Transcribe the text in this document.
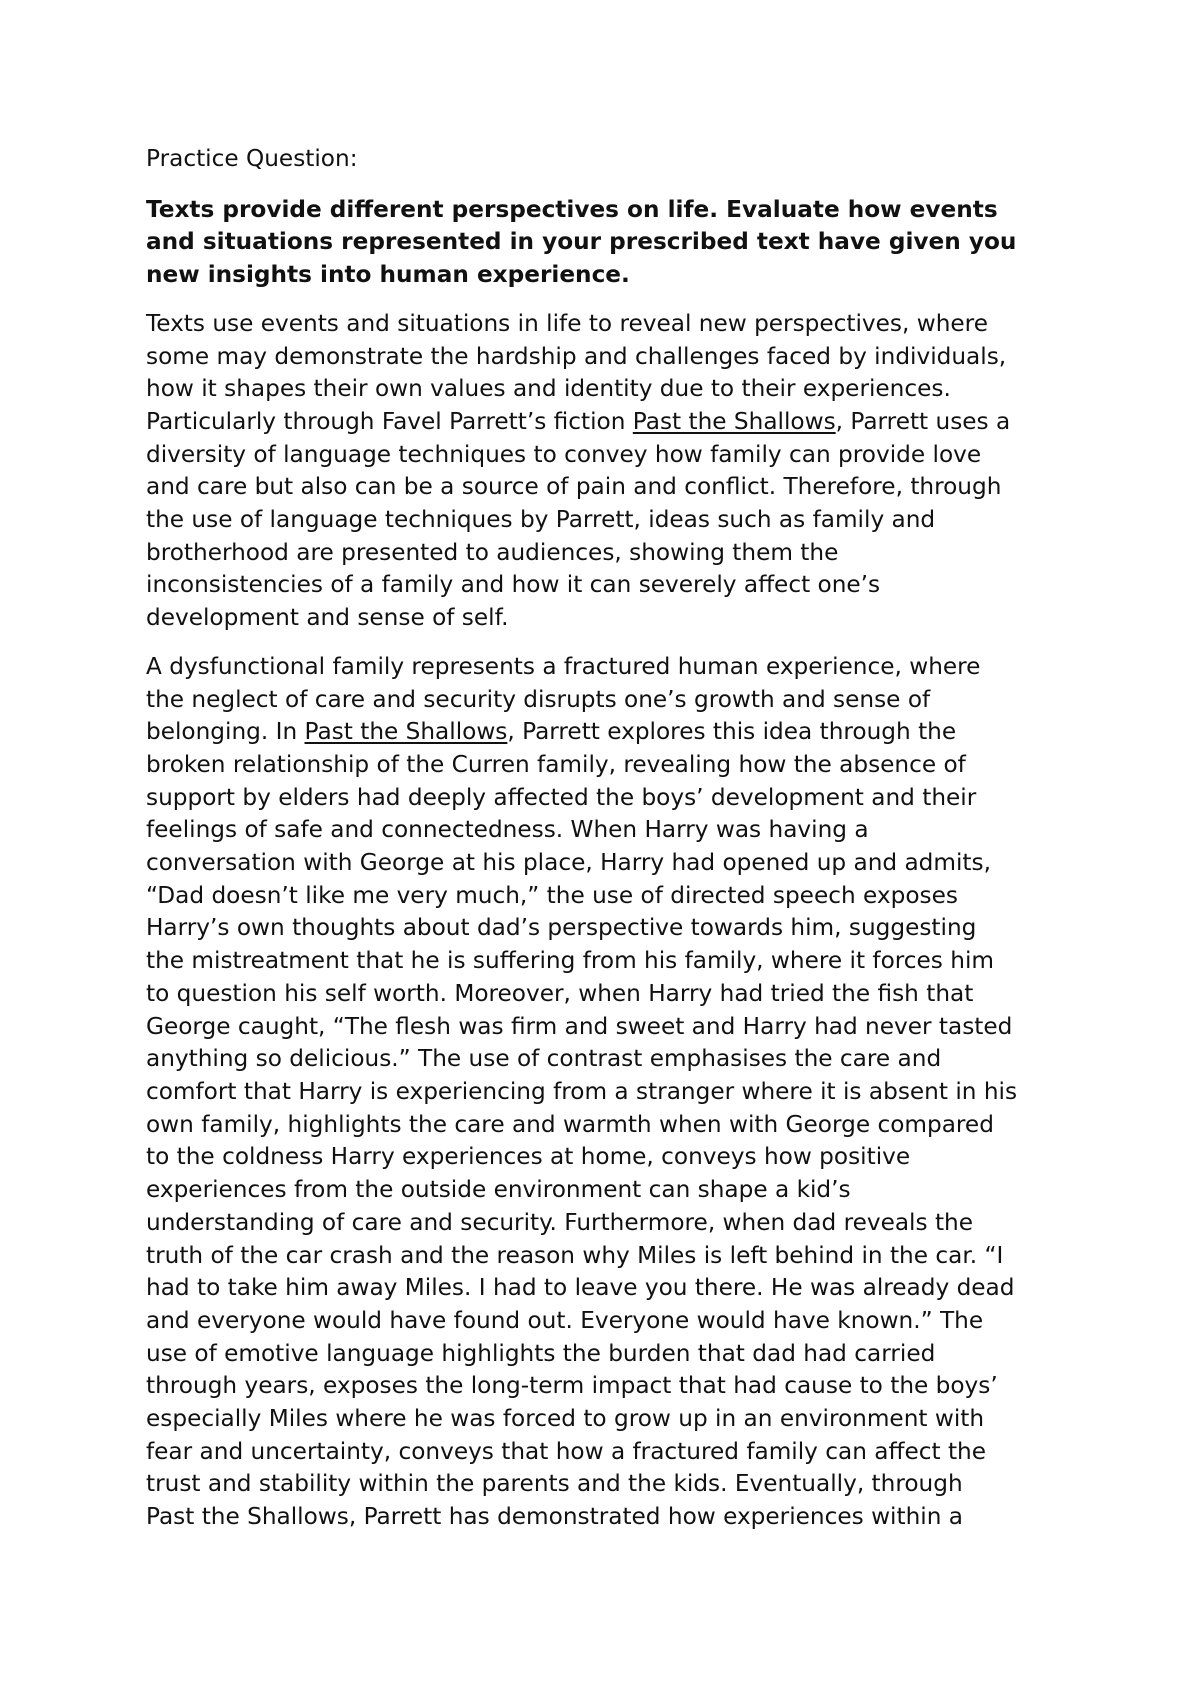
Practice Question:

Texts provide different perspectives on life. Evaluate how events
and situations represented in your prescribed text have given you
new insights into human experience.

Texts use events and situations in life to reveal new perspectives, where
some may demonstrate the hardship and challenges faced by individuals,
how it shapes their own values and identity due to their experiences.
Particularly through Favel Parrett’s fiction Past the Shallows, Parrett uses a
diversity of language techniques to convey how family can provide love
and care but also can be a source of pain and conflict. Therefore, through
the use of language techniques by Parrett, ideas such as family and
brotherhood are presented to audiences, showing them the
inconsistencies of a family and how it can severely affect one’s
development and sense of self.

A dysfunctional family represents a fractured human experience, where
the neglect of care and security disrupts one’s growth and sense of
belonging. In Past the Shallows, Parrett explores this idea through the
broken relationship of the Curren family, revealing how the absence of
support by elders had deeply affected the boys’ development and their
feelings of safe and connectedness. When Harry was having a
conversation with George at his place, Harry had opened up and admits,
“Dad doesn’t like me very much,” the use of directed speech exposes
Harry’s own thoughts about dad’s perspective towards him, suggesting
the mistreatment that he is suffering from his family, where it forces him
to question his self worth. Moreover, when Harry had tried the fish that
George caught, “The flesh was firm and sweet and Harry had never tasted
anything so delicious.” The use of contrast emphasises the care and
comfort that Harry is experiencing from a stranger where it is absent in his
own family, highlights the care and warmth when with George compared
to the coldness Harry experiences at home, conveys how positive
experiences from the outside environment can shape a kid’s
understanding of care and security. Furthermore, when dad reveals the
truth of the car crash and the reason why Miles is left behind in the car. “I
had to take him away Miles. I had to leave you there. He was already dead
and everyone would have found out. Everyone would have known.” The
use of emotive language highlights the burden that dad had carried
through years, exposes the long-term impact that had cause to the boys’
especially Miles where he was forced to grow up in an environment with
fear and uncertainty, conveys that how a fractured family can affect the
trust and stability within the parents and the kids. Eventually, through
Past the Shallows, Parrett has demonstrated how experiences within a
